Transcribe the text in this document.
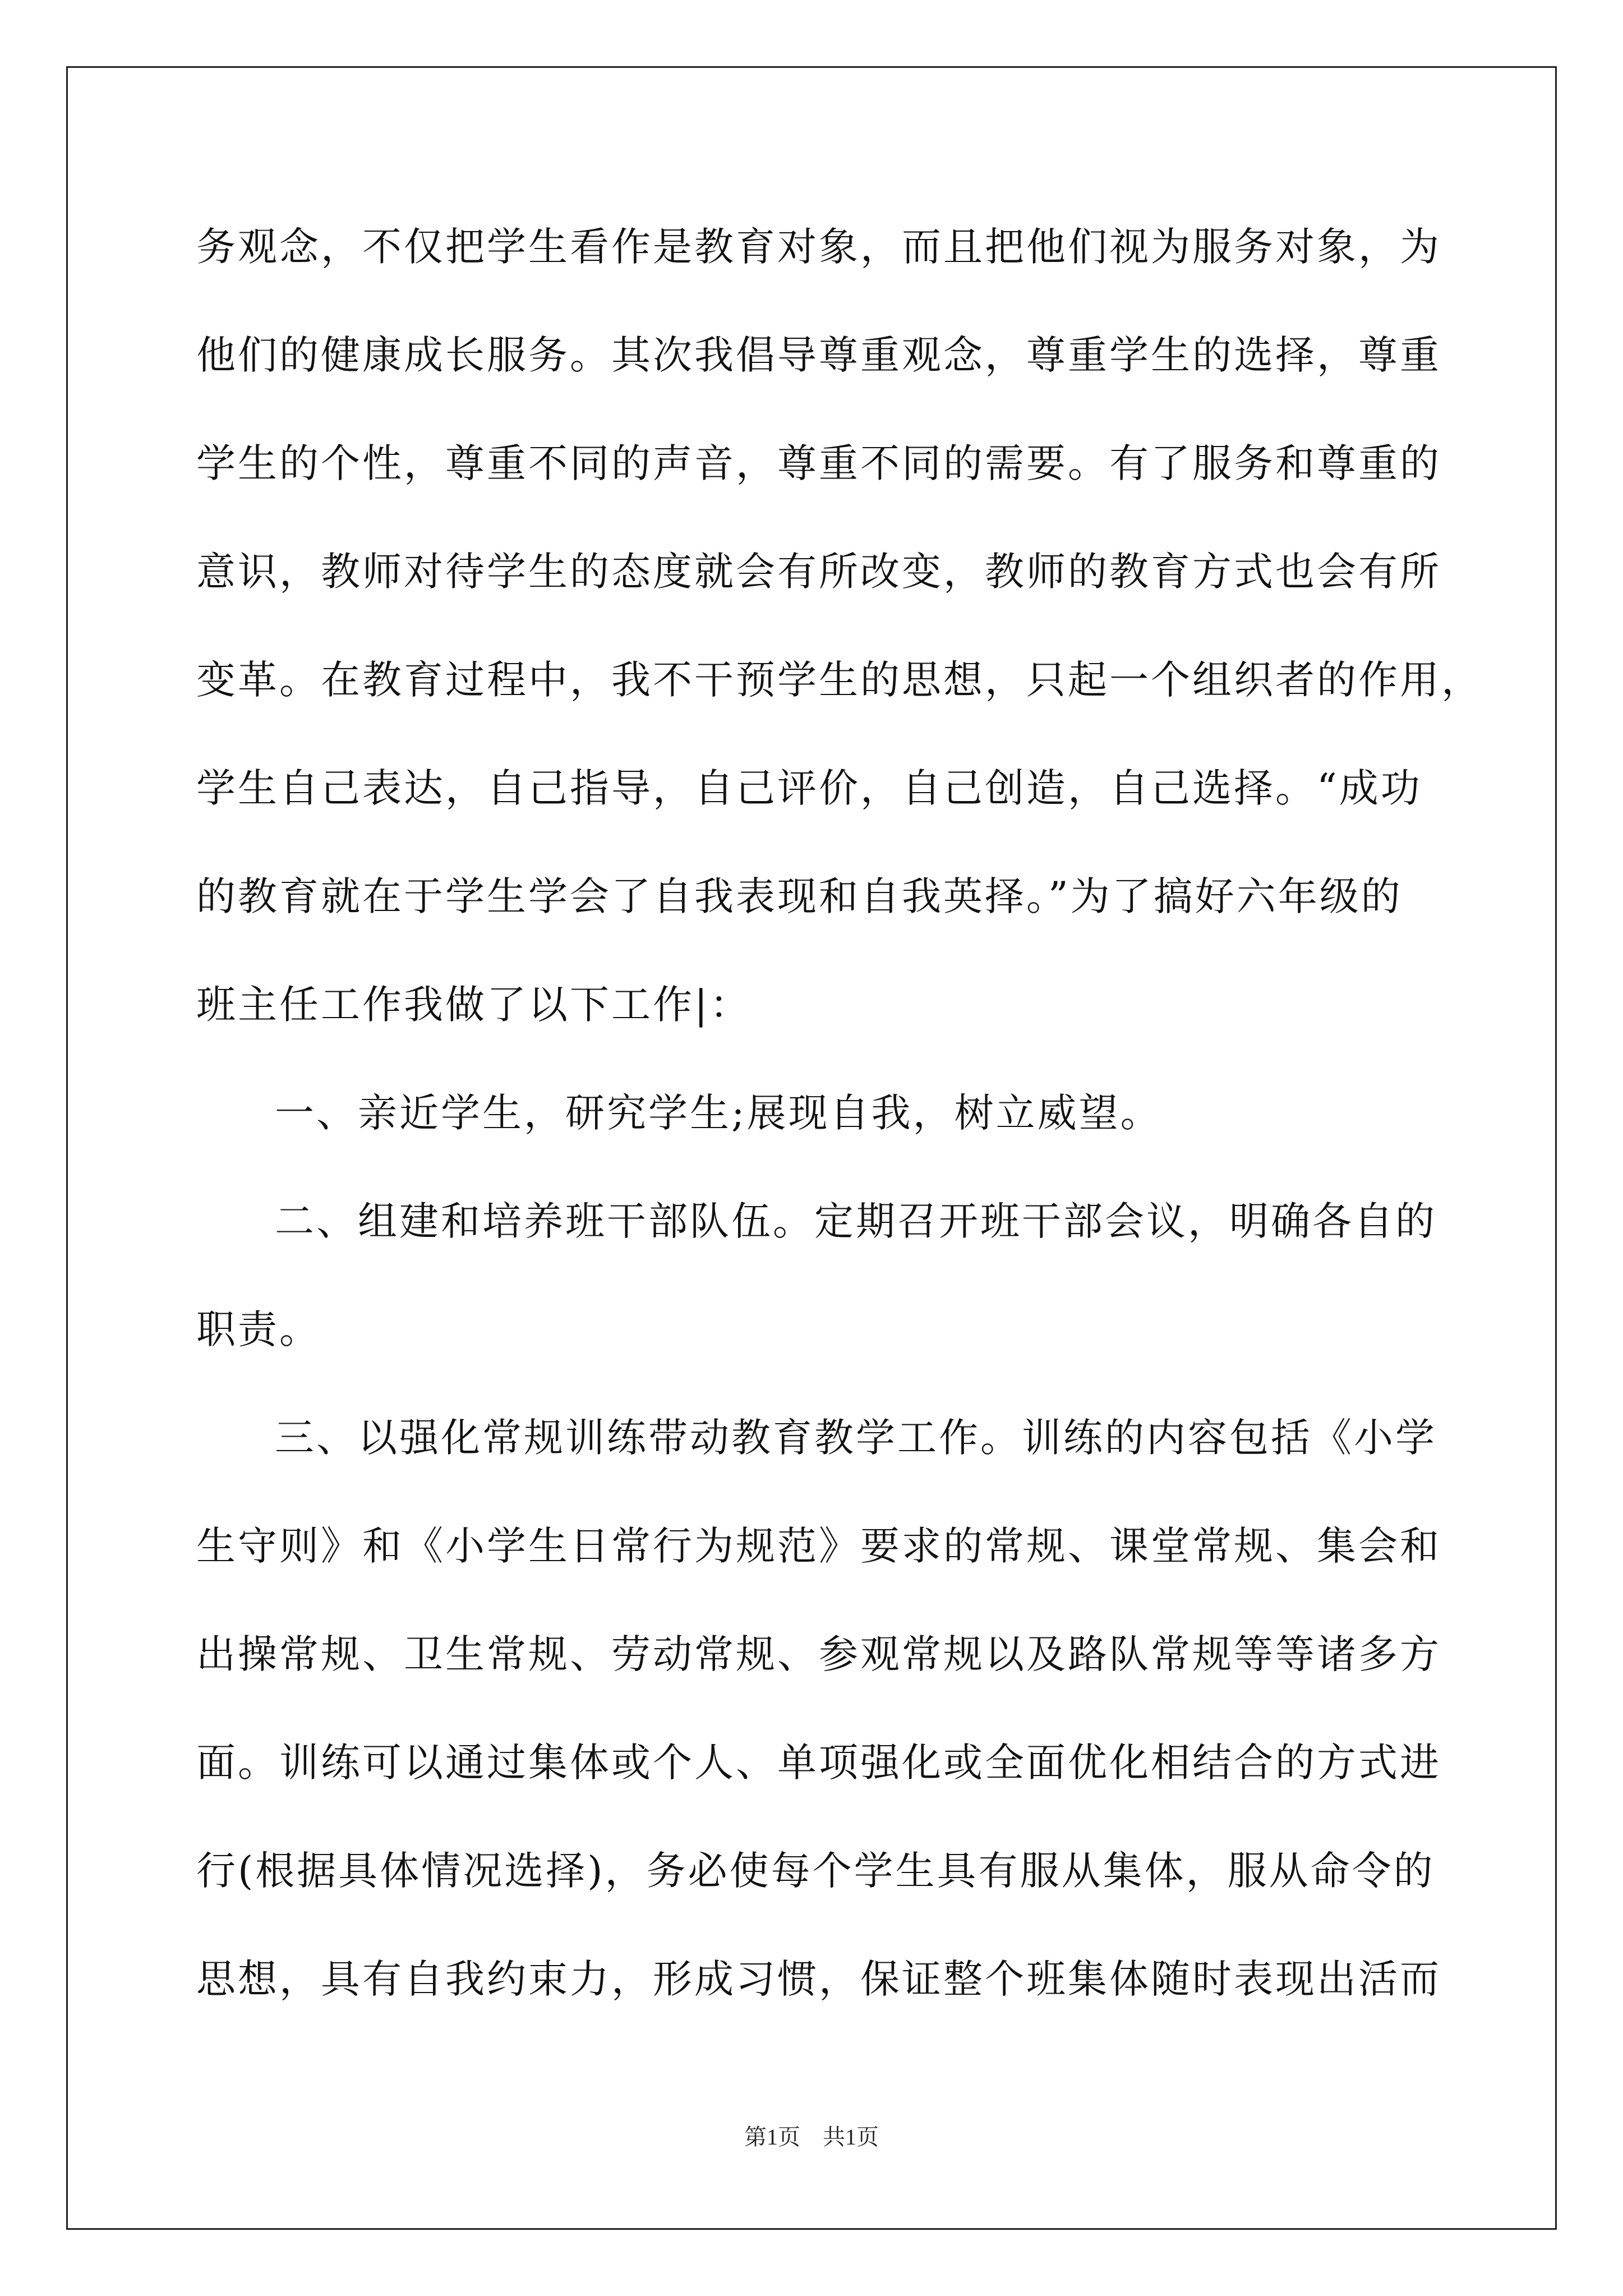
务观念，不仅把学生看作是教育对象，而且把他们视为服务对象，为
他们的健康成长服务。其次我倡导尊重观念，尊重学生的选择，尊重
学生的个性，尊重不同的声音，尊重不同的需要。有了服务和尊重的
意识，教师对待学生的态度就会有所改变，教师的教育方式也会有所
变革。在教育过程中，我不干预学生的思想，只起一个组织者的作用，
学生自己表达，自己指导，自己评价，自己创造，自己选择。“成功
的教育就在于学生学会了自我表现和自我英择。”为了搞好六年级的
班主任工作我做了以下工作|：
一、亲近学生，研究学生;展现自我，树立威望。
二、组建和培养班干部队伍。定期召开班干部会议，明确各自的
职责。
三、以强化常规训练带动教育教学工作。训练的内容包括《小学
生守则》和《小学生日常行为规范》要求的常规、课堂常规、集会和
出操常规、卫生常规、劳动常规、参观常规以及路队常规等等诸多方
面。训练可以通过集体或个人、单项强化或全面优化相结合的方式进
行(根据具体情况选择)，务必使每个学生具有服从集体，服从命令的
思想，具有自我约束力，形成习惯，保证整个班集体随时表现出活而
第1页　共1页
